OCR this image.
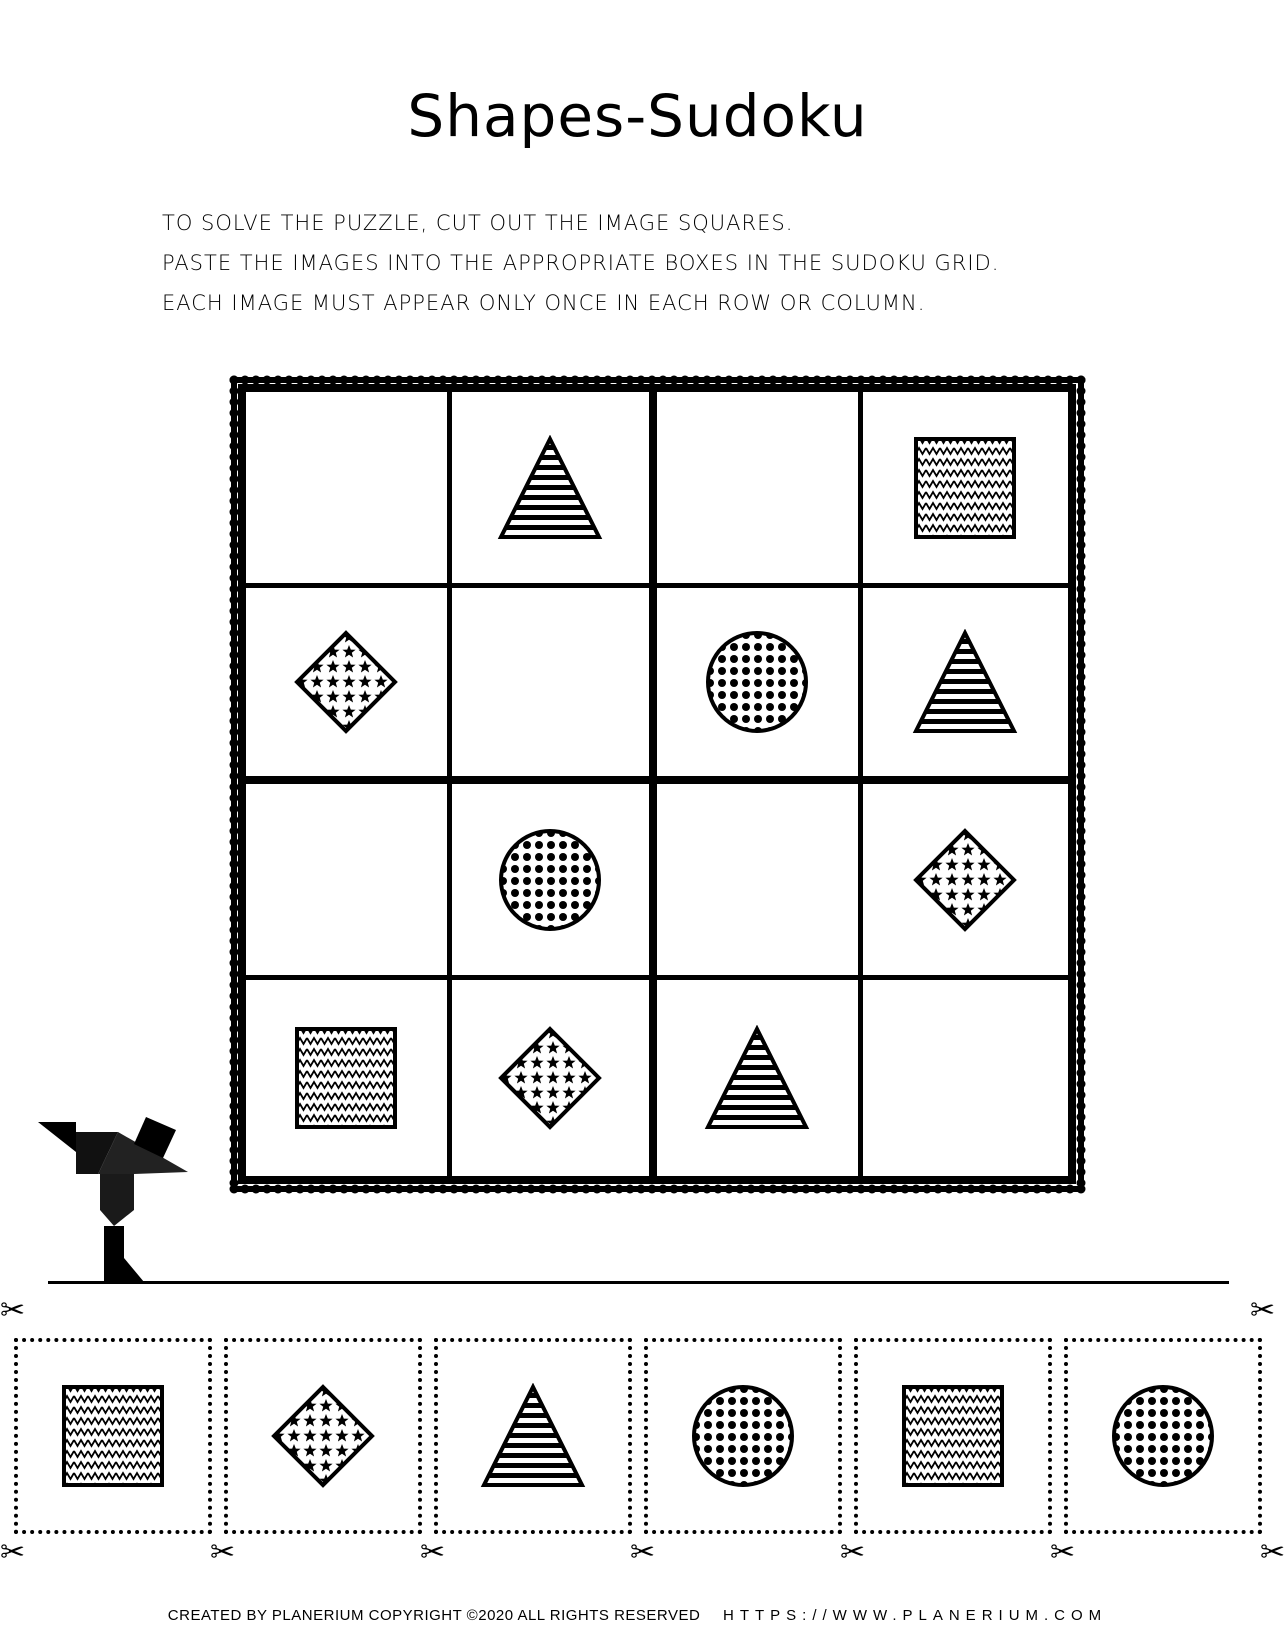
Shapes-Sudoku
TO SOLVE THE PUZZLE, CUT OUT THE IMAGE SQUARES.
PASTE THE IMAGES INTO THE APPROPRIATE BOXES IN THE SUDOKU GRID.
EACH IMAGE MUST APPEAR ONLY ONCE IN EACH ROW OR COLUMN.
©PLANERIUM
✂
✂	✂	✂	✂	✂	✂	✂
✂
CREATED BY PLANERIUM COPYRIGHT ©2020 ALL RIGHTS RESERVED HTTPS://WWW.PLANERIUM.COM
